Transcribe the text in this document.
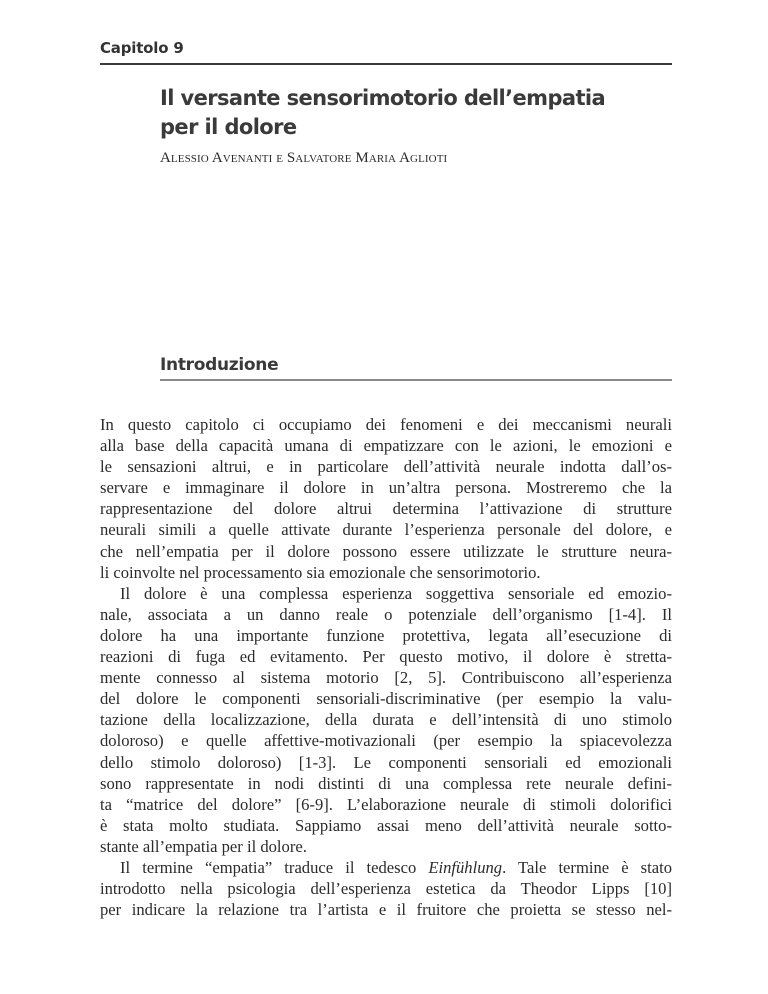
Capitolo 9
Il versante sensorimotorio dell’empatia
per il dolore
Alessio Avenanti e Salvatore Maria Aglioti
Introduzione
In questo capitolo ci occupiamo dei fenomeni e dei meccanismi neurali
alla base della capacità umana di empatizzare con le azioni, le emozioni e
le sensazioni altrui, e in particolare dell’attività neurale indotta dall’os-
servare e immaginare il dolore in un’altra persona. Mostreremo che la
rappresentazione del dolore altrui determina l’attivazione di strutture
neurali simili a quelle attivate durante l’esperienza personale del dolore, e
che nell’empatia per il dolore possono essere utilizzate le strutture neura-
li coinvolte nel processamento sia emozionale che sensorimotorio.
Il dolore è una complessa esperienza soggettiva sensoriale ed emozio-
nale, associata a un danno reale o potenziale dell’organismo [1-4]. Il
dolore ha una importante funzione protettiva, legata all’esecuzione di
reazioni di fuga ed evitamento. Per questo motivo, il dolore è stretta-
mente connesso al sistema motorio [2, 5]. Contribuiscono all’esperienza
del dolore le componenti sensoriali-discriminative (per esempio la valu-
tazione della localizzazione, della durata e dell’intensità di uno stimolo
doloroso) e quelle affettive-motivazionali (per esempio la spiacevolezza
dello stimolo doloroso) [1-3]. Le componenti sensoriali ed emozionali
sono rappresentate in nodi distinti di una complessa rete neurale defini-
ta “matrice del dolore” [6-9]. L’elaborazione neurale di stimoli dolorifici
è stata molto studiata. Sappiamo assai meno dell’attività neurale sotto-
stante all’empatia per il dolore.
Il termine “empatia” traduce il tedesco Einfühlung. Tale termine è stato
introdotto nella psicologia dell’esperienza estetica da Theodor Lipps [10]
per indicare la relazione tra l’artista e il fruitore che proietta se stesso nel-
